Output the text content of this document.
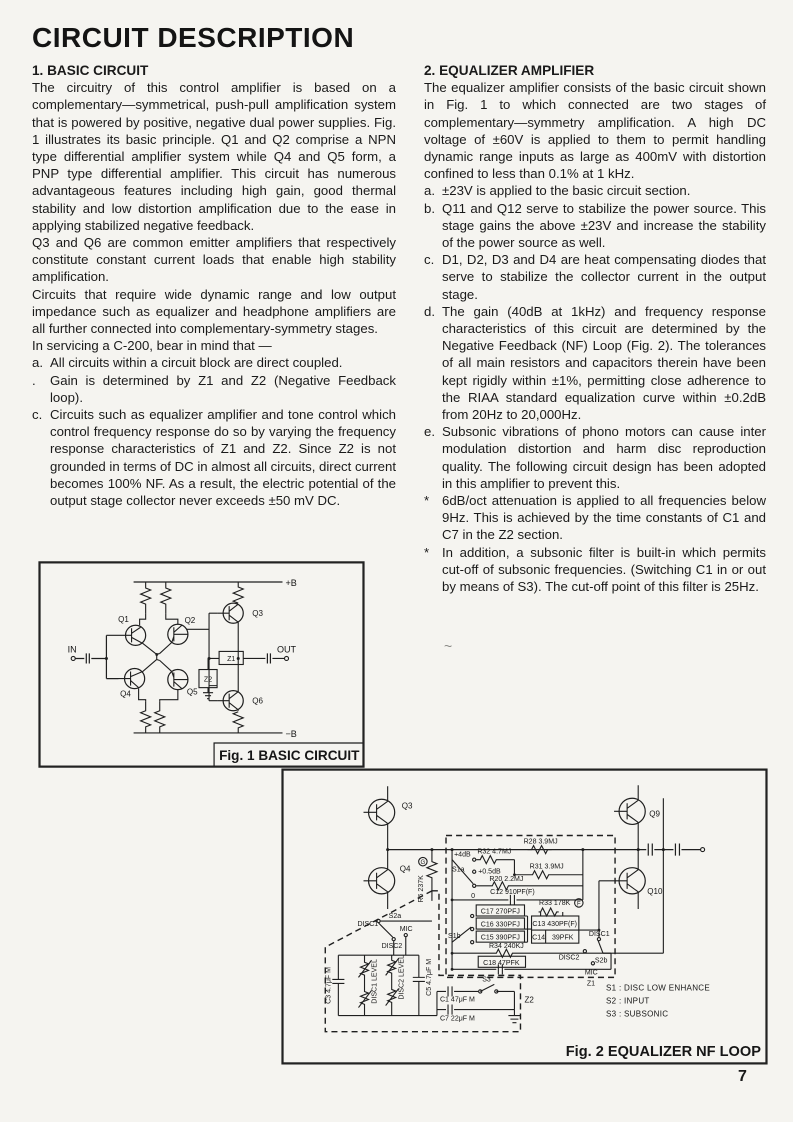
CIRCUIT DESCRIPTION
1. BASIC CIRCUIT

The circuitry of this control amplifier is based on a complementary—symmetrical, push-pull amplification system that is powered by positive, negative dual power supplies. Fig. 1 illustrates its basic principle. Q1 and Q2 comprise a NPN type differential amplifier system while Q4 and Q5 form, a PNP type differential amplifier. This circuit has numerous advantageous features including high gain, good thermal stability and low distortion amplification due to the ease in applying stabilized negative feedback.

Q3 and Q6 are common emitter amplifiers that respectively constitute constant current loads that enable high stability amplification.

Circuits that require wide dynamic range and low output impedance such as equalizer and headphone amplifiers are all further connected into complementary-symmetry stages.

In servicing a C-200, bear in mind that —

a. All circuits within a circuit block are direct coupled.
.	Gain is determined by Z1 and Z2 (Negative Feedback loop).
c. Circuits such as equalizer amplifier and tone control which control frequency response do so by varying the frequency response characteristics of Z1 and Z2. Since Z2 is not grounded in terms of DC in almost all circuits, direct current becomes 100% NF. As a result, the electric potential of the output stage collector never exceeds ±50 mV DC.
2. EQUALIZER AMPLIFIER

The equalizer amplifier consists of the basic circuit shown in Fig. 1 to which connected are two stages of complementary—symmetry amplification. A high DC voltage of ±60V is applied to them to permit handling dynamic range inputs as large as 400mV with distortion confined to less than 0.1% at 1 kHz.

a. ±23V is applied to the basic circuit section.
b. Q11 and Q12 serve to stabilize the power source. This stage gains the above ±23V and increase the stability of the power source as well.
c. D1, D2, D3 and D4 are heat compensating diodes that serve to stabilize the collector current in the output stage.
d. The gain (40dB at 1kHz) and frequency response characteristics of this circuit are determined by the Negative Feedback (NF) Loop (Fig. 2). The tolerances of all main resistors and capacitors therein have been kept rigidly within ±1%, permitting close adherence to the RIAA standard equalization curve within ±0.2dB from 20Hz to 20,000Hz.
e. Subsonic vibrations of phono motors can cause inter modulation distortion and harm disc reproduction quality. The following circuit design has been adopted in this amplifier to prevent this.
* 6dB/oct attenuation is applied to all frequencies below 9Hz. This is achieved by the time constants of C1 and C7 in the Z2 section.
* In addition, a subsonic filter is built-in which permits cut-off of subsonic frequencies. (Switching C1 in or out by means of S3). The cut-off point of this filter is 25Hz.
+B
−B
Q1	Q2
Q3
Q4	Q5
Q6
IN
Z1
Z2
OUT
Fig. 1 BASIC CIRCUIT
Q3
Q4
Q9
Q10
R6 237K
G
R28 3.9MJ
+4dB
S1a +0.5dB
0
R32 4.7MJ
R31 3.9MJ
R20 2.2MJ
C12 910PF(F)
C17 270PFJ
C16 330PFJ
C15 390PFJ
S1b
R33 178K F
C13 430PF(F)
C14 39PFK
R34 240KJ
C18 47PFK
DISC1
DISC2 S2b
MIC
Z1
Z2
DISC1
S2a
MIC
DISC2
C3 4.7μF M	DISC1 LEVEL	DISC2 LEVEL	C5 4.7μF M	S3
C1 47μF M
C7 22μF M
S1 : DISC LOW ENHANCE
S2 : INPUT
S3 : SUBSONIC
Fig. 2 EQUALIZER NF LOOP
~
7
